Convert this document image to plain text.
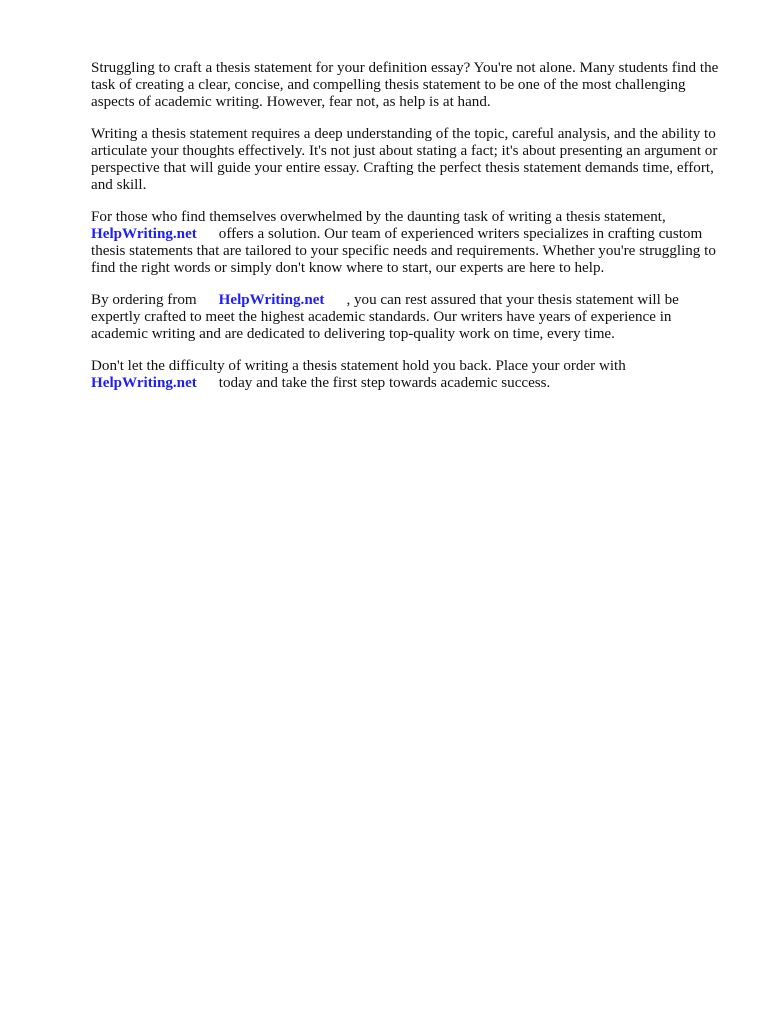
Struggling to craft a thesis statement for your definition essay? You're not alone. Many students find the task of creating a clear, concise, and compelling thesis statement to be one of the most challenging aspects of academic writing. However, fear not, as help is at hand.

Writing a thesis statement requires a deep understanding of the topic, careful analysis, and the ability to articulate your thoughts effectively. It's not just about stating a fact; it's about presenting an argument or perspective that will guide your entire essay. Crafting the perfect thesis statement demands time, effort, and skill.

For those who find themselves overwhelmed by the daunting task of writing a thesis statement, HelpWriting.net offers a solution. Our team of experienced writers specializes in crafting custom thesis statements that are tailored to your specific needs and requirements. Whether you're struggling to find the right words or simply don't know where to start, our experts are here to help.

By ordering from HelpWriting.net , you can rest assured that your thesis statement will be expertly crafted to meet the highest academic standards. Our writers have years of experience in academic writing and are dedicated to delivering top-quality work on time, every time.

Don't let the difficulty of writing a thesis statement hold you back. Place your order with HelpWriting.net today and take the first step towards academic success.
